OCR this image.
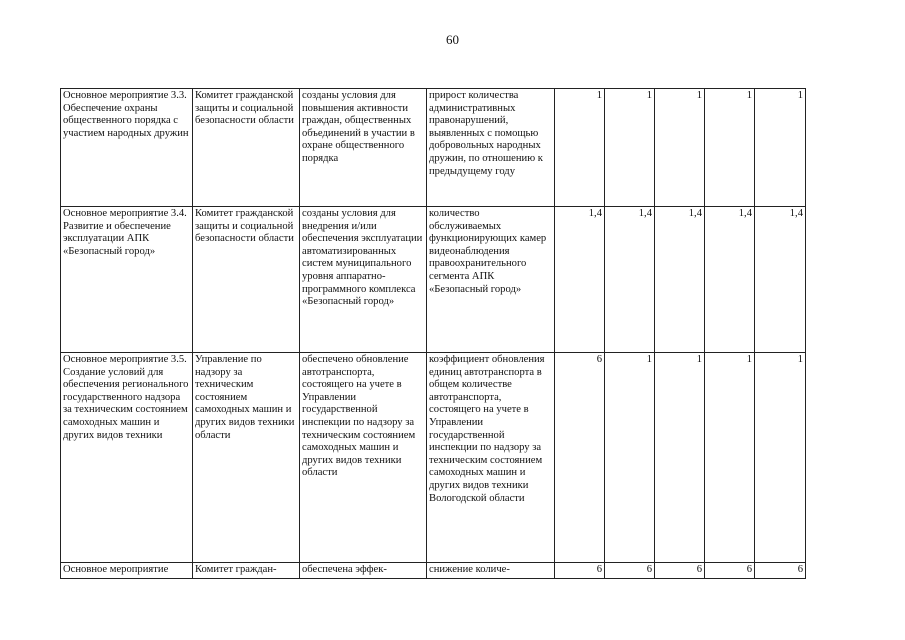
60
Основное мероприятие 3.3. Обеспечение охраны общественного порядка с участием народных дружин	Комитет гражданской защиты и социальной безопасности области	созданы условия для повышения активности граждан, общественных объединений в участии в охране общественного порядка	прирост количества административных правонарушений, выявленных с помощью добровольных народных дружин, по отношению к предыдущему году	1	1	1	1	1
Основное мероприятие 3.4. Развитие и обеспечение эксплуатации АПК «Безопасный город»	Комитет гражданской защиты и социальной безопасности области	созданы условия для внедрения и/или обеспечения эксплуатации автоматизированных систем муниципального уровня аппаратно-программного комплекса «Безопасный город»	количество обслуживаемых функционирующих камер видеонаблюдения правоохранительного сегмента АПК «Безопасный город»	1,4	1,4	1,4	1,4	1,4
Основное мероприятие 3.5. Создание условий для обеспечения регионального государственного надзора за техническим состоянием самоходных машин и других видов техники	Управление по надзору за техническим состоянием самоходных машин и других видов техники области	обеспечено обновление автотранспорта, состоящего на учете в Управлении государственной инспекции по надзору за техническим состоянием самоходных машин и других видов техники области	коэффициент обновления единиц автотранспорта в общем количестве автотранспорта, состоящего на учете в Управлении государственной инспекции по надзору за техническим состоянием самоходных машин и других видов техники Вологодской области	6	1	1	1	1
Основное мероприятие	Комитет граждан-	обеспечена эффек-	снижение количе-	6	6	6	6	6
